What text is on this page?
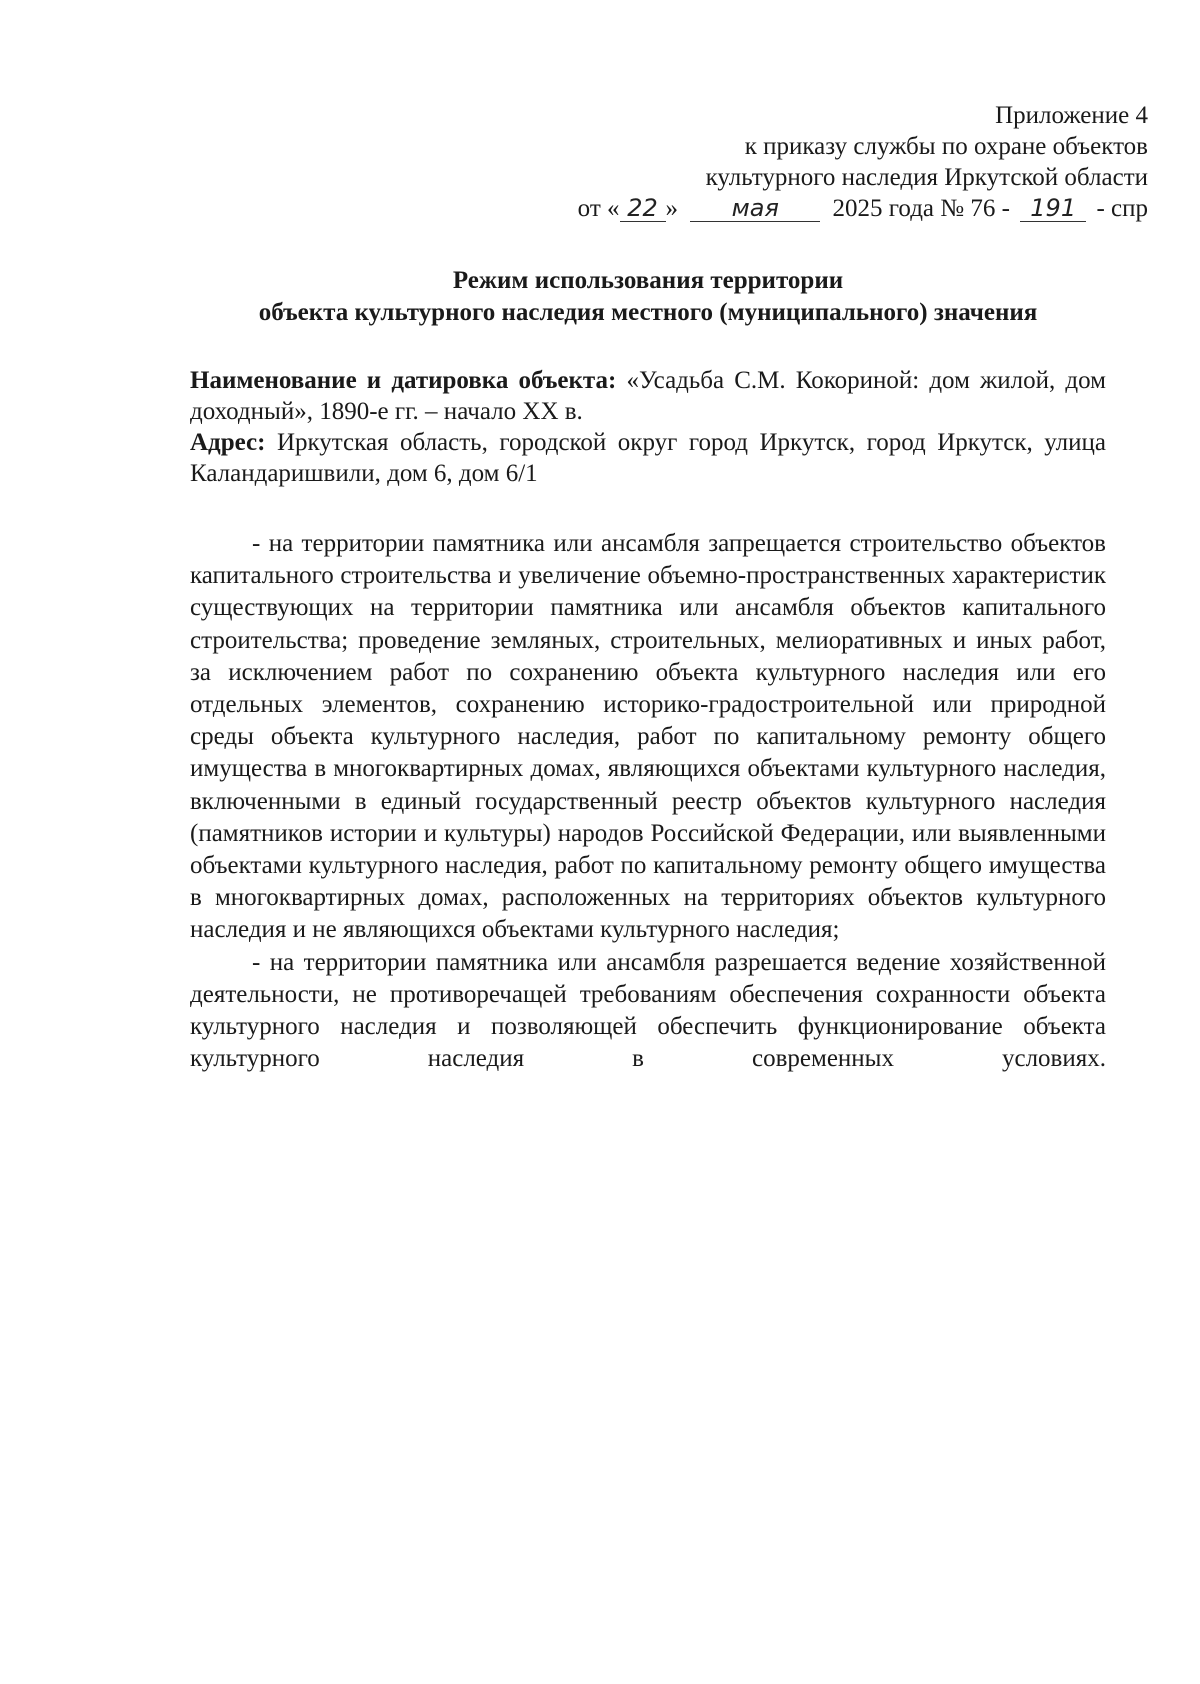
Приложение 4
к приказу службы по охране объектов
культурного наследия Иркутской области
от « 22 » мая 2025 года № 76 - 191 - спр
Режим использования территории
объекта культурного наследия местного (муниципального) значения

Наименование и датировка объекта: «Усадьба С.М. Кокориной: дом жилой, дом доходный», 1890-е гг. – начало XX в.

Адрес: Иркутская область, городской округ город Иркутск, город Иркутск, улица Каландаришвили, дом 6, дом 6/1

- на территории памятника или ансамбля запрещается строительство объектов капитального строительства и увеличение объемно-пространственных характеристик существующих на территории памятника или ансамбля объектов капитального строительства; проведение земляных, строительных, мелиоративных и иных работ, за исключением работ по сохранению объекта культурного наследия или его отдельных элементов, сохранению историко-градостроительной или природной среды объекта культурного наследия, работ по капитальному ремонту общего имущества в многоквартирных домах, являющихся объектами культурного наследия, включенными в единый государственный реестр объектов культурного наследия (памятников истории и культуры) народов Российской Федерации, или выявленными объектами культурного наследия, работ по капитальному ремонту общего имущества в многоквартирных домах, расположенных на территориях объектов культурного наследия и не являющихся объектами культурного наследия;

- на территории памятника или ансамбля разрешается ведение хозяйственной деятельности, не противоречащей требованиям обеспечения сохранности объекта культурного наследия и позволяющей обеспечить функционирование объекта культурного наследия в современных условиях.
